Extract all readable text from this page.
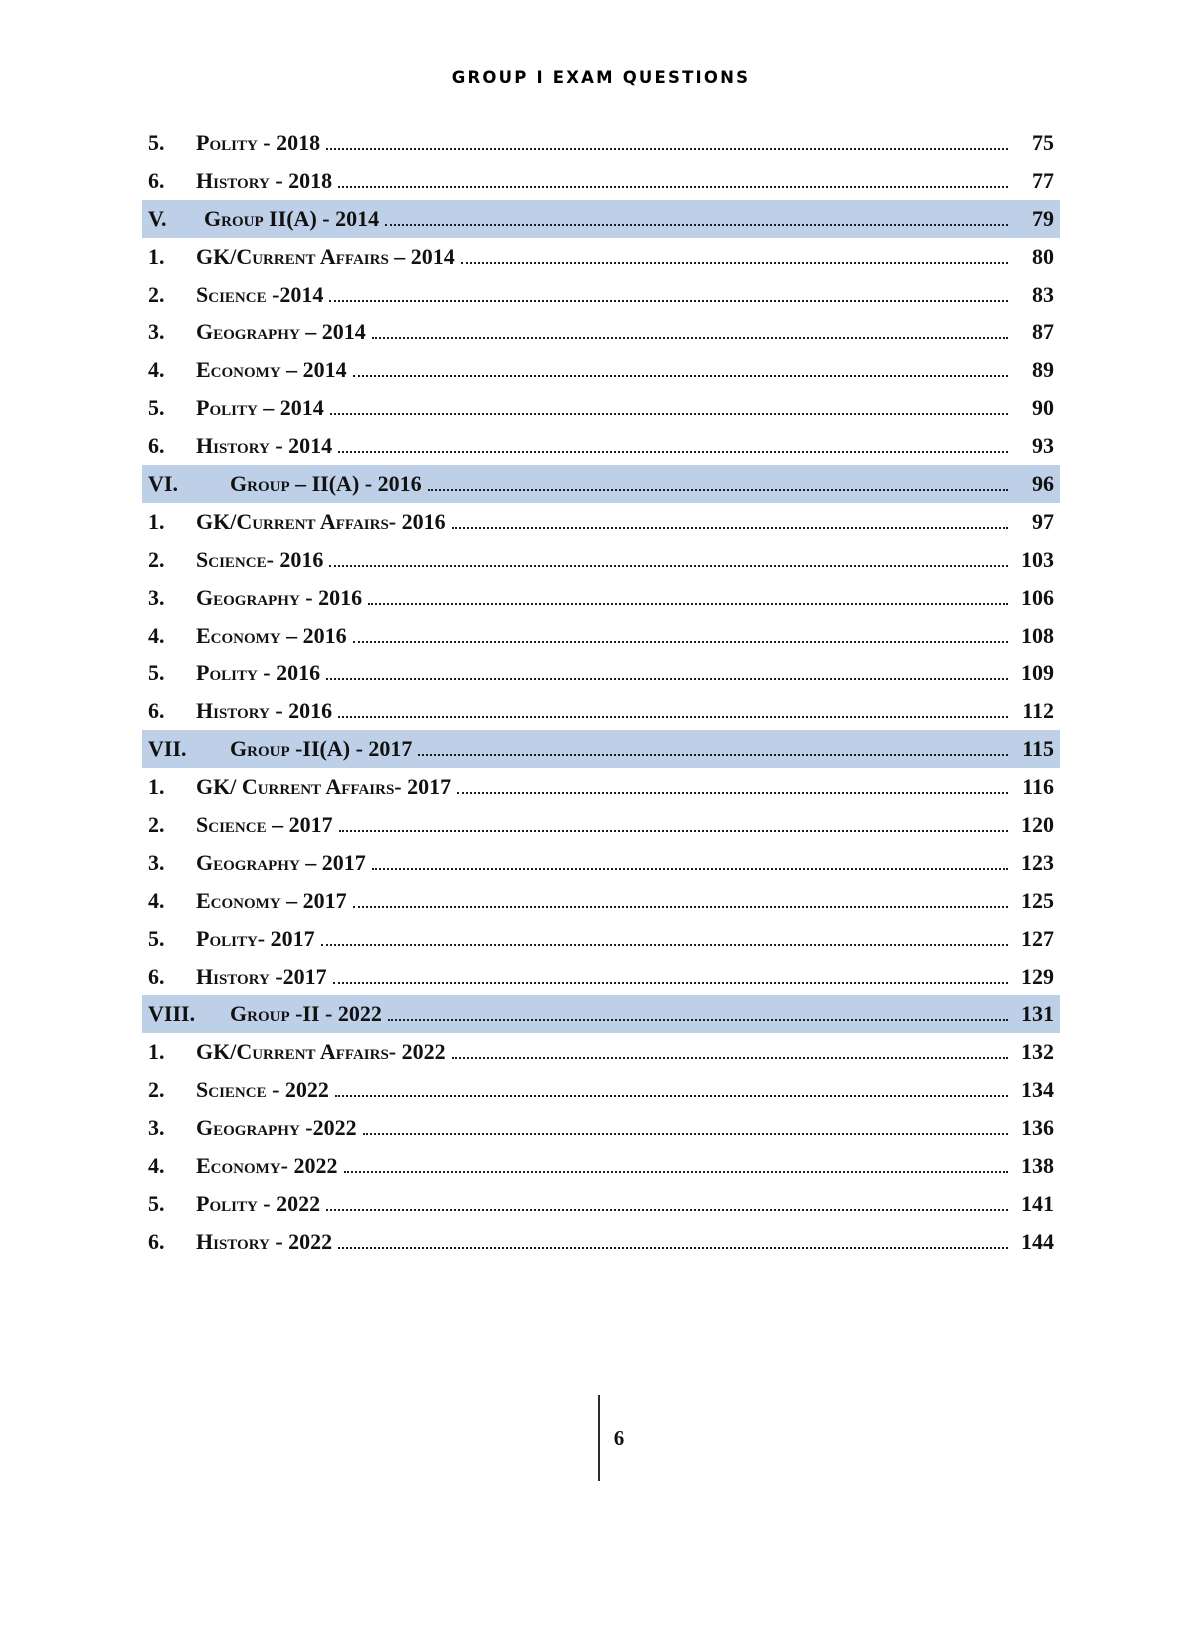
GROUP I EXAM QUESTIONS
5.	Polity - 2018	75
6.	History - 2018	77
V.	Group II(A) - 2014	79
1.	GK/Current Affairs – 2014	80
2.	Science -2014	83
3.	Geography – 2014	87
4.	Economy – 2014	89
5.	Polity – 2014	90
6.	History - 2014	93
VI.	Group – II(A) - 2016	96
1.	GK/Current Affairs- 2016	97
2.	Science- 2016	103
3.	Geography - 2016	106
4.	Economy – 2016	108
5.	Polity - 2016	109
6.	History - 2016	112
VII.	Group -II(A) - 2017	115
1.	GK/ Current Affairs- 2017	116
2.	Science – 2017	120
3.	Geography – 2017	123
4.	Economy – 2017	125
5.	Polity- 2017	127
6.	History -2017	129
VIII.	Group -II - 2022	131
1.	GK/Current Affairs- 2022	132
2.	Science - 2022	134
3.	Geography -2022	136
4.	Economy- 2022	138
5.	Polity - 2022	141
6.	History - 2022	144
6
